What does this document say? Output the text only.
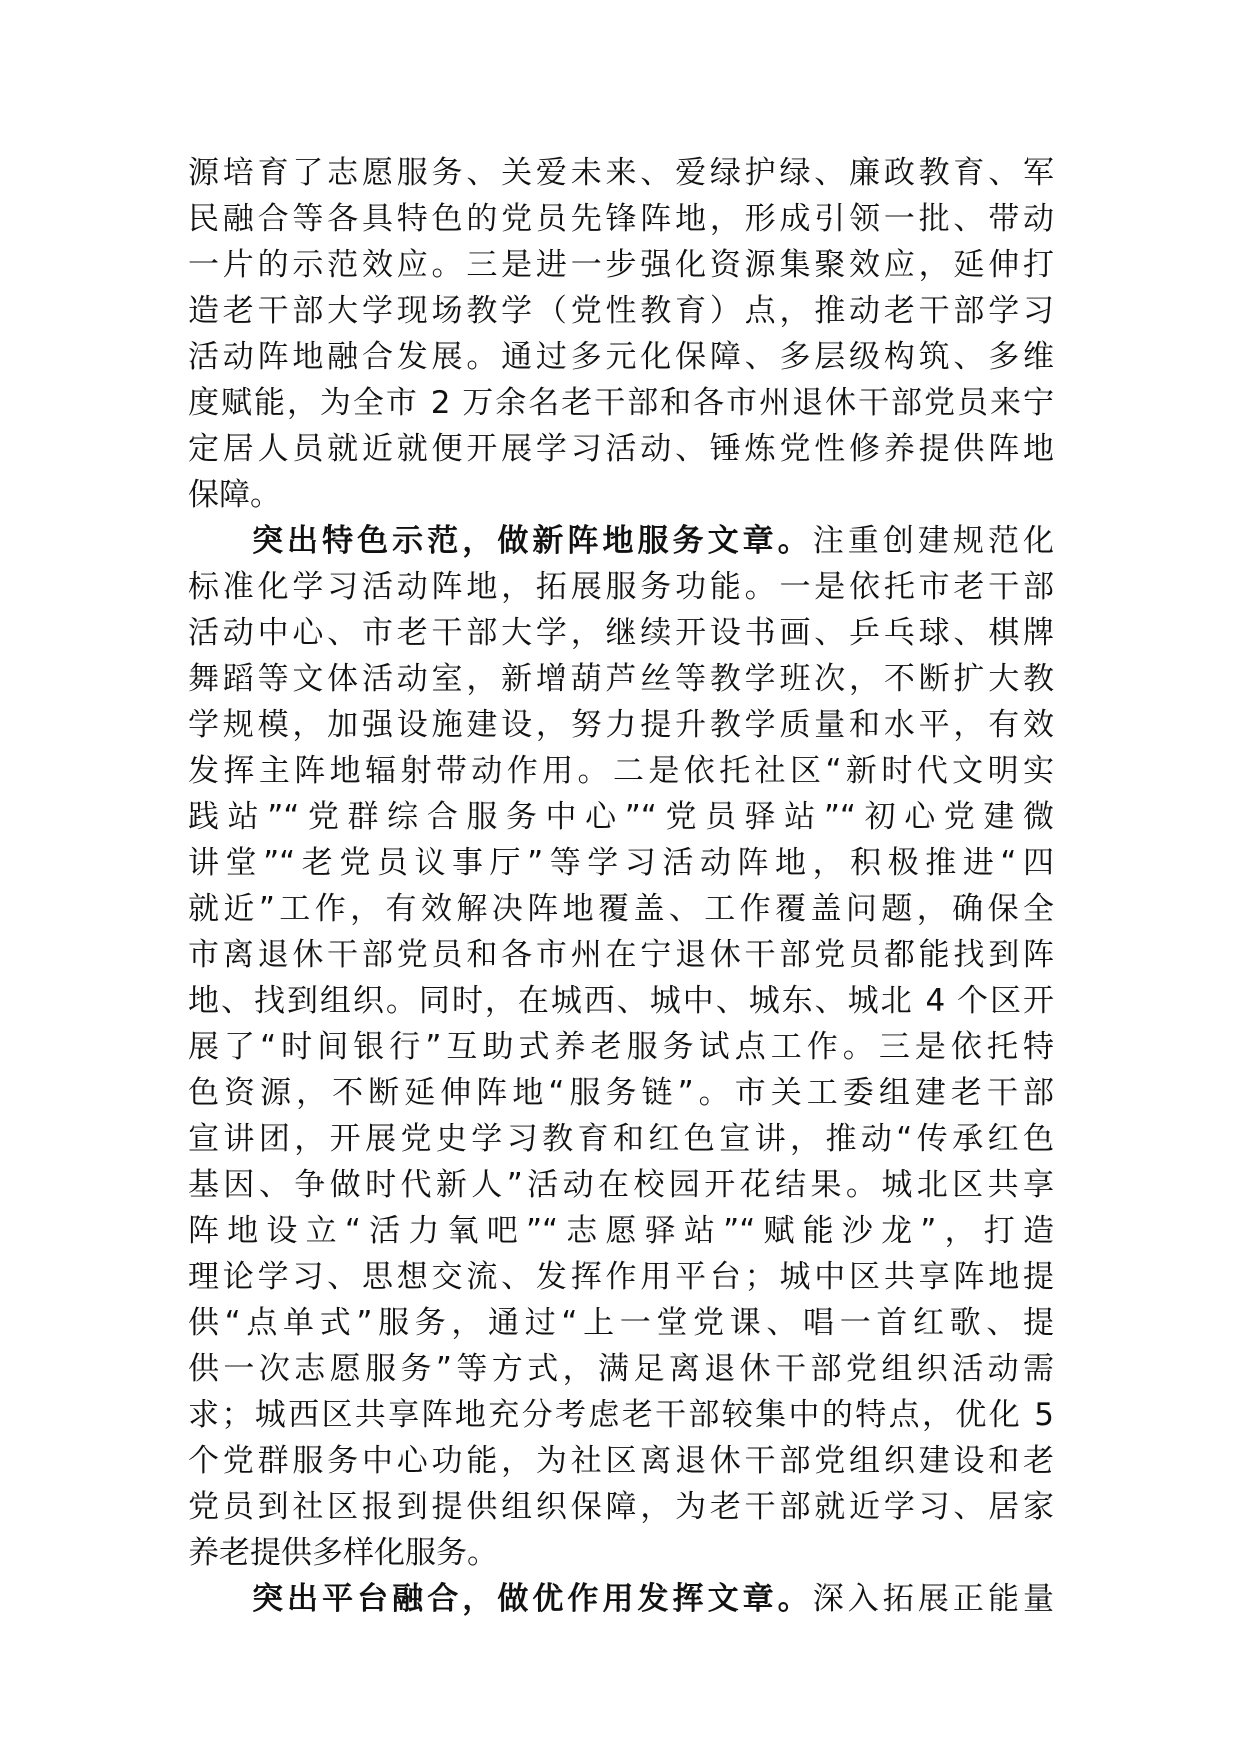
源培育了志愿服务、关爱未来、爱绿护绿、廉政教育、军
民融合等各具特色的党员先锋阵地，形成引领一批、带动
一片的示范效应。三是进一步强化资源集聚效应，延伸打
造老干部大学现场教学（党性教育）点，推动老干部学习
活动阵地融合发展。通过多元化保障、多层级构筑、多维
度赋能，为全市 2 万余名老干部和各市州退休干部党员来宁
定居人员就近就便开展学习活动、锤炼党性修养提供阵地
保障。
突出特色示范，做新阵地服务文章。注重创建规范化
标准化学习活动阵地，拓展服务功能。一是依托市老干部
活动中心、市老干部大学，继续开设书画、乒乓球、棋牌
舞蹈等文体活动室，新增葫芦丝等教学班次，不断扩大教
学规模，加强设施建设，努力提升教学质量和水平，有效
发挥主阵地辐射带动作用。二是依托社区“新时代文明实
践站”“党群综合服务中心”“党员驿站”“初心党建微
讲堂”“老党员议事厅”等学习活动阵地，积极推进“四
就近”工作，有效解决阵地覆盖、工作覆盖问题，确保全
市离退休干部党员和各市州在宁退休干部党员都能找到阵
地、找到组织。同时，在城西、城中、城东、城北 4 个区开
展了“时间银行”互助式养老服务试点工作。三是依托特
色资源，不断延伸阵地“服务链”。市关工委组建老干部
宣讲团，开展党史学习教育和红色宣讲，推动“传承红色
基因、争做时代新人”活动在校园开花结果。城北区共享
阵地设立“活力氧吧”“志愿驿站”“赋能沙龙”，打造
理论学习、思想交流、发挥作用平台；城中区共享阵地提
供“点单式”服务，通过“上一堂党课、唱一首红歌、提
供一次志愿服务”等方式，满足离退休干部党组织活动需
求；城西区共享阵地充分考虑老干部较集中的特点，优化 5
个党群服务中心功能，为社区离退休干部党组织建设和老
党员到社区报到提供组织保障，为老干部就近学习、居家
养老提供多样化服务。
突出平台融合，做优作用发挥文章。深入拓展正能量
